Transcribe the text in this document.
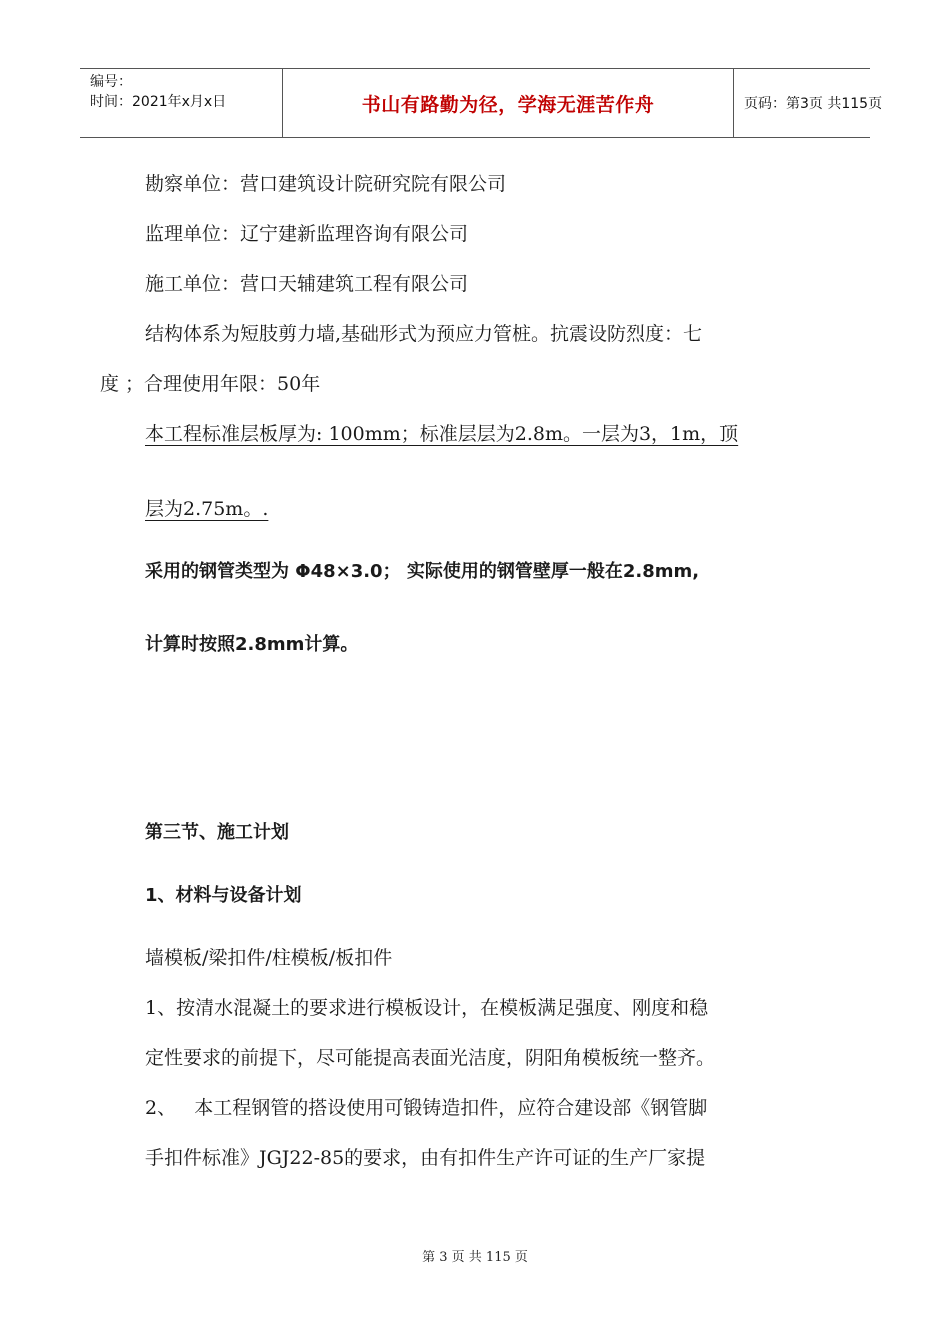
编号：
时间：2021年x月x日	书山有路勤为径，学海无涯苦作舟	页码：第3页 共115页
勘察单位：营口建筑设计院研究院有限公司
监理单位：辽宁建新监理咨询有限公司
施工单位：营口天辅建筑工程有限公司
结构体系为短肢剪力墙,基础形式为预应力管桩。抗震设防烈度：七
度 ；合理使用年限：50年
本工程标准层板厚为: 100mm；标准层层为2.8m。一层为3，1m，顶
层为2.75m。.
采用的钢管类型为 Φ48×3.0； 实际使用的钢管壁厚一般在2.8mm,
计算时按照2.8mm计算。
第三节、施工计划
1、材料与设备计划
墙模板/梁扣件/柱模板/板扣件
1、按清水混凝土的要求进行模板设计，在模板满足强度、刚度和稳
定性要求的前提下，尽可能提高表面光洁度，阴阳角模板统一整齐。
2、   本工程钢管的搭设使用可锻铸造扣件，应符合建设部《钢管脚
手扣件标准》JGJ22-85的要求，由有扣件生产许可证的生产厂家提
第 3 页 共 115 页
